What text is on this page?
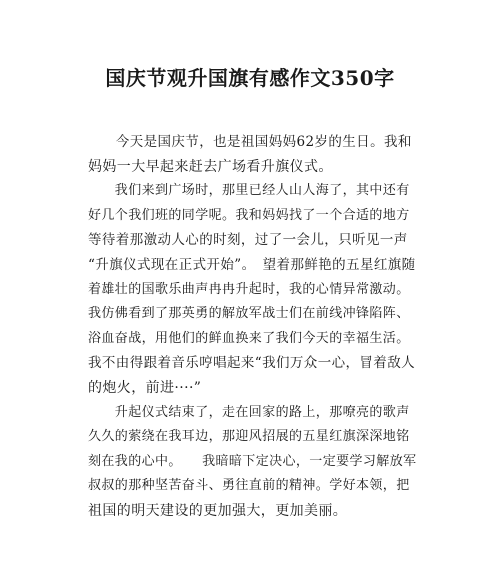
国庆节观升国旗有感作文350字
　　今天是国庆节，也是祖国妈妈62岁的生日。我和
妈妈一大早起来赶去广场看升旗仪式。
　　我们来到广场时，那里已经人山人海了，其中还有
好几个我们班的同学呢。我和妈妈找了一个合适的地方
等待着那激动人心的时刻，过了一会儿，只听见一声
“升旗仪式现在正式开始”。　望着那鲜艳的五星红旗随
着雄壮的国歌乐曲声冉冉升起时，我的心情异常激动。
我仿佛看到了那英勇的解放军战士们在前线冲锋陷阵、
浴血奋战，用他们的鲜血换来了我们今天的幸福生活。
我不由得跟着音乐哼唱起来“我们万众一心，冒着敌人
的炮火，前进····”
　　升起仪式结束了，走在回家的路上，那嘹亮的歌声
久久的萦绕在我耳边，那迎风招展的五星红旗深深地铭
刻在我的心中。　　我暗暗下定决心，一定要学习解放军
叔叔的那种坚苦奋斗、勇往直前的精神。学好本领，把
祖国的明天建设的更加强大，更加美丽。
